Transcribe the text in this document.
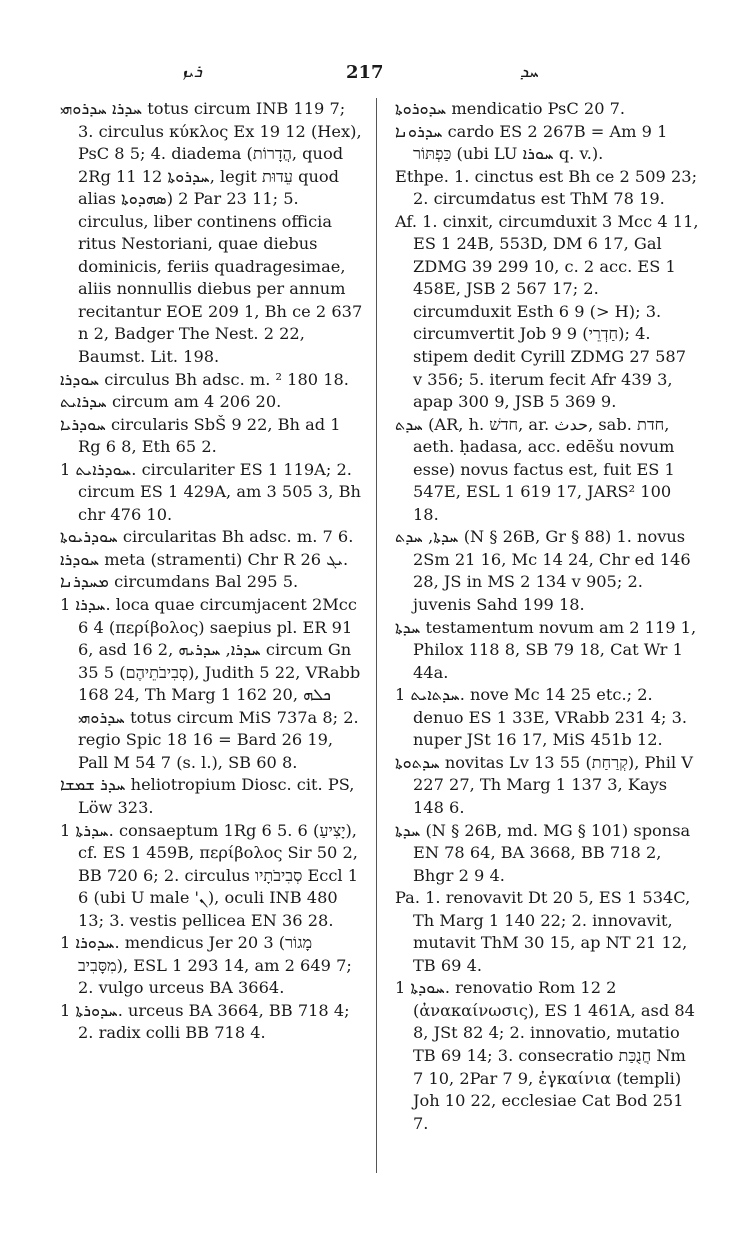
ܪܝܙ	217	ܚܕ

ܚܕܪܐ ܚܕܪܘܗܝ totus circum INB 119 7; 3. circulus κύκλος Ex 19 12 (Hex), PsC 8 5; 4. diadema (הֲדָרוֹת, quod 2Rg 11 12 ܚܕܪܘܬܐ, legit עֵדוּת quod alias ܣܗܕܘܬܐ) 2 Par 23 11; 5. circulus, liber continens officia ritus Nestoriani, quae diebus dominicis, feriis quadragesimae, aliis nonnullis diebus per annum recitantur EOE 209 1, Bh ce 2 637 n 2, Badger The Nest. 2 22, Baumst. Lit. 198.

ܚܘܕܪܐ circulus Bh adsc. m. ² 180 18.

ܚܕܪܐܝܬ circum am 4 206 20.

ܚܘܕܪܝܐ circularis SbŠ 9 22, Bh ad 1 Rg 6 8, Eth 65 2.

ܚܘܕܪܐܝܬ 1. circulariter ES 1 119A; 2. circum ES 1 429A, am 3 505 3, Bh chr 476 10.

ܚܘܕܪܝܘܬܐ circularitas Bh adsc. m. 7 6.

ܚܘܕܪܐ meta (stramenti) Chr R ܝܓ 26.

ܡܚܕܪܢܐ circumdans Bal 295 5.

ܚܕܪܐ 1. loca quae circumjacent 2Mcc 6 4 (περίβολος) saepius pl. ER 91 6, asd 16 2, ܚܕܪܐ, ܚܕܪܝܗ circum Gn 35 5 (סְבִיבֹתֵיהֶם), Judith 5 22, VRabb 168 24, Th Marg 1 162 20, ܟܠܗ ܚܕܪܘܗܝ totus circum MiS 737a 8; 2. regio Spic 18 16 = Bard 26 19, Pall M 54 7 (s. l.), SB 60 8.

ܚܕܪ ܫܡܫܐ heliotropium Diosc. cit. PS, Löw 323.

ܚܕܪܬܐ 1. consaeptum 1Rg 6 5. 6 (יָצִיעַ), cf. ES 1 459B, περίβολος Sir 50 2, BB 720 6; 2. circulus סְבִיבֹתָיו Eccl 1 6 (ubi U male 'ܢ), oculi INB 480 13; 3. vestis pellicea EN 36 28.

ܚܕܘܪܐ 1. mendicus Jer 20 3 (מָגוֹר מִסָּבִיב), ESL 1 293 14, am 2 649 7; 2. vulgo urceus BA 3664.

ܚܕܘܪܬܐ 1. urceus BA 3664, BB 718 4; 2. radix colli BB 718 4.

ܚܕܘܪܘܬܐ mendicatio PsC 20 7.

ܚܕܪܘܢܐ cardo ES 2 267B = Am 9 1 כַּפְתּוֹר (ubi LU ܚܘܪܐ q. v.).

Ethpe. 1. cinctus est Bh ce 2 509 23; 2. circumdatus est ThM 78 19.

Af. 1. cinxit, circumduxit 3 Mcc 4 11, ES 1 24B, 553D, DM 6 17, Gal ZDMG 39 299 10, c. 2 acc. ES 1 458E, JSB 2 567 17; 2. circumduxit Esth 6 9 (> H); 3. circumvertit Job 9 9 (חַדְרֵי); 4. stipem dedit Cyrill ZDMG 27 587 v 356; 5. iterum fecit Afr 439 3, apap 300 9, JSB 5 369 9.

ܚܕܬ (AR, h. חדשׁ, ar. حدث, sab. חדת, aeth. ḥadasa, acc. edēšu novum esse) novus factus est, fuit ES 1 547E, ESL 1 619 17, JARS² 100 18.

ܚܕܬܐ, ܚܕܬ (N § 26B, Gr § 88) 1. novus 2Sm 21 16, Mc 14 24, Chr ed 146 28, JS in MS 2 134 v 905; 2. juvenis Sahd 199 18.

ܚܕܬܐ testamentum novum am 2 119 1, Philox 118 8, SB 79 18, Cat Wr 1 44a.

ܚܕܬܐܝܬ 1. nove Mc 14 25 etc.; 2. denuo ES 1 33E, VRabb 231 4; 3. nuper JSt 16 17, MiS 451b 12.

ܚܕܬܘܬܐ novitas Lv 13 55 (קְרַחַת), Phil V 227 27, Th Marg 1 137 3, Kays 148 6.

ܚܕܬܐ (N § 26B, md. MG § 101) sponsa EN 78 64, BA 3668, BB 718 2, Bhgr 2 9 4.

Pa. 1. renovavit Dt 20 5, ES 1 534C, Th Marg 1 140 22; 2. innovavit, mutavit ThM 30 15, ap NT 21 12, TB 69 4.

ܚܘܕܬܐ 1. renovatio Rom 12 2 (ἀνακαίνωσις), ES 1 461A, asd 84 8, JSt 82 4; 2. innovatio, mutatio TB 69 14; 3. consecratio חֲנֻכַּת Nm 7 10, 2Par 7 9, ἐγκαίνια (templi) Joh 10 22, ecclesiae Cat Bod 251 7.
